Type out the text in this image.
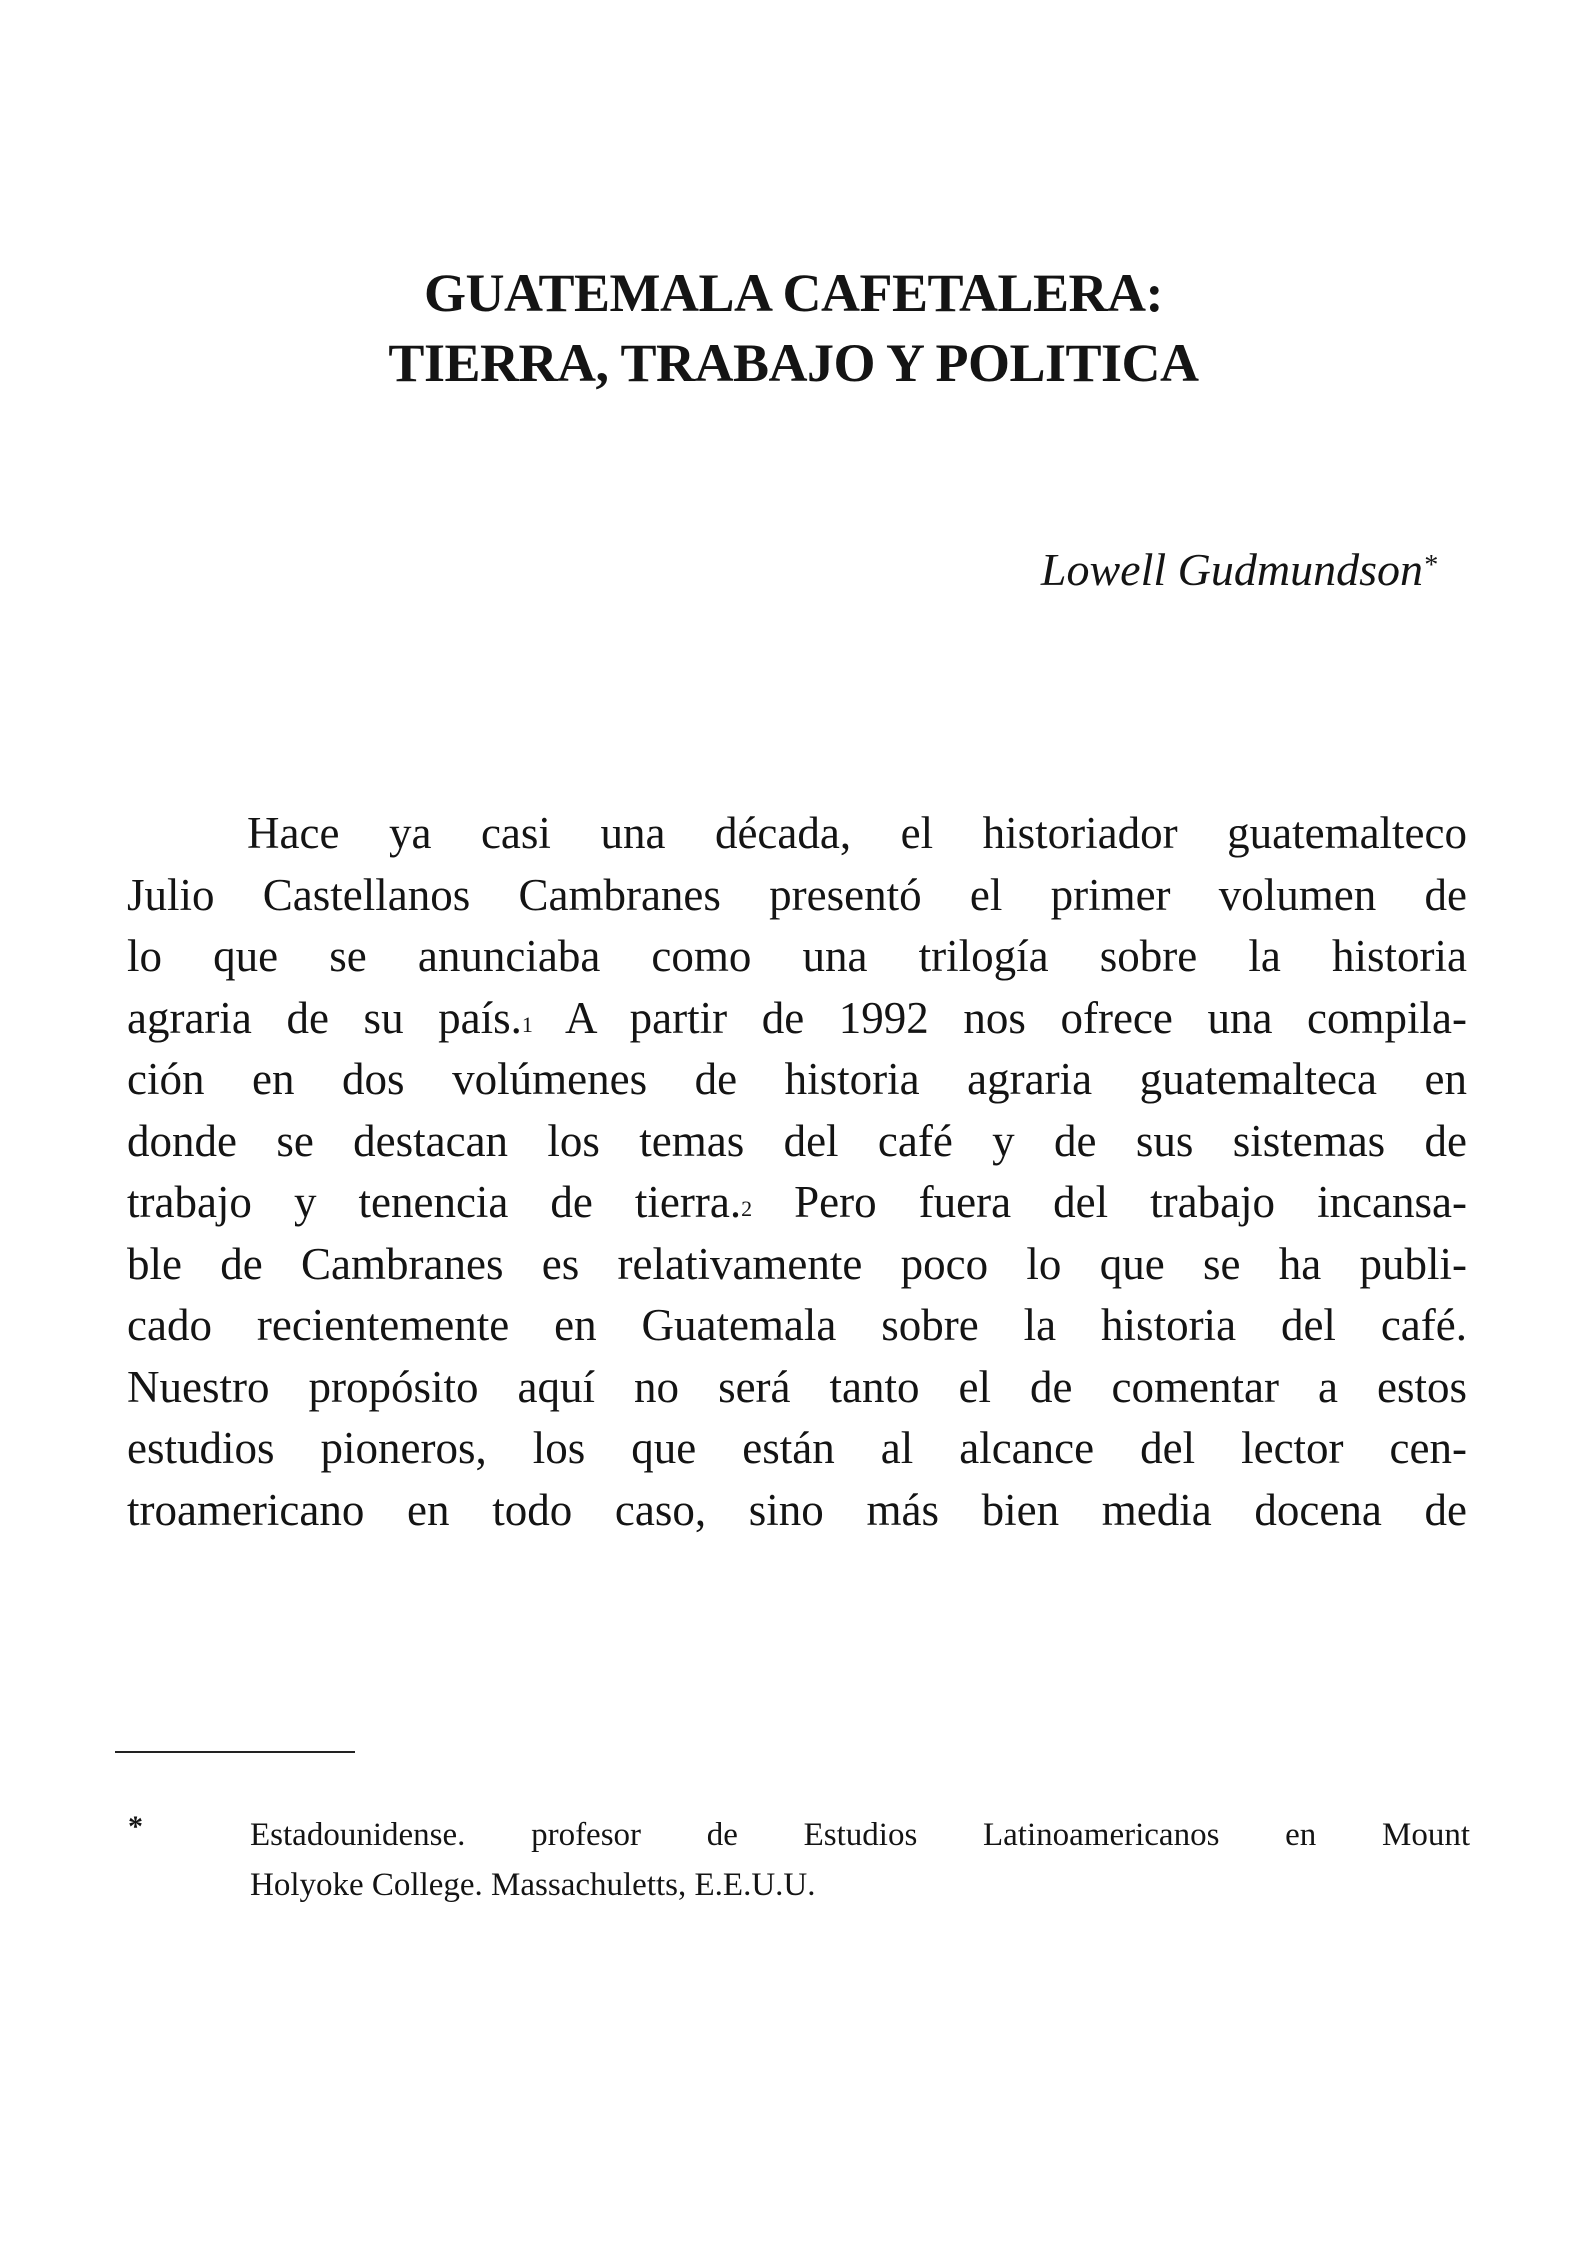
GUATEMALA CAFETALERA:
TIERRA, TRABAJO Y POLITICA
Lowell Gudmundson*
Hace ya casi una década, el historiador guatemalteco
Julio Castellanos Cambranes presentó el primer volumen de
lo que se anunciaba como una trilogía sobre la historia
agraria de su país.$^1$ A partir de 1992 nos ofrece una compila-
ción en dos volúmenes de historia agraria guatemalteca en
donde se destacan los temas del café y de sus sistemas de
trabajo y tenencia de tierra.$^2$ Pero fuera del trabajo incansa-
ble de Cambranes es relativamente poco lo que se ha publi-
cado recientemente en Guatemala sobre la historia del café.
Nuestro propósito aquí no será tanto el de comentar a estos
estudios pioneros, los que están al alcance del lector cen-
troamericano en todo caso, sino más bien media docena de
*	Estadounidense. profesor de Estudios Latinoamericanos en Mount
Holyoke College. Massachuletts, E.E.U.U.
